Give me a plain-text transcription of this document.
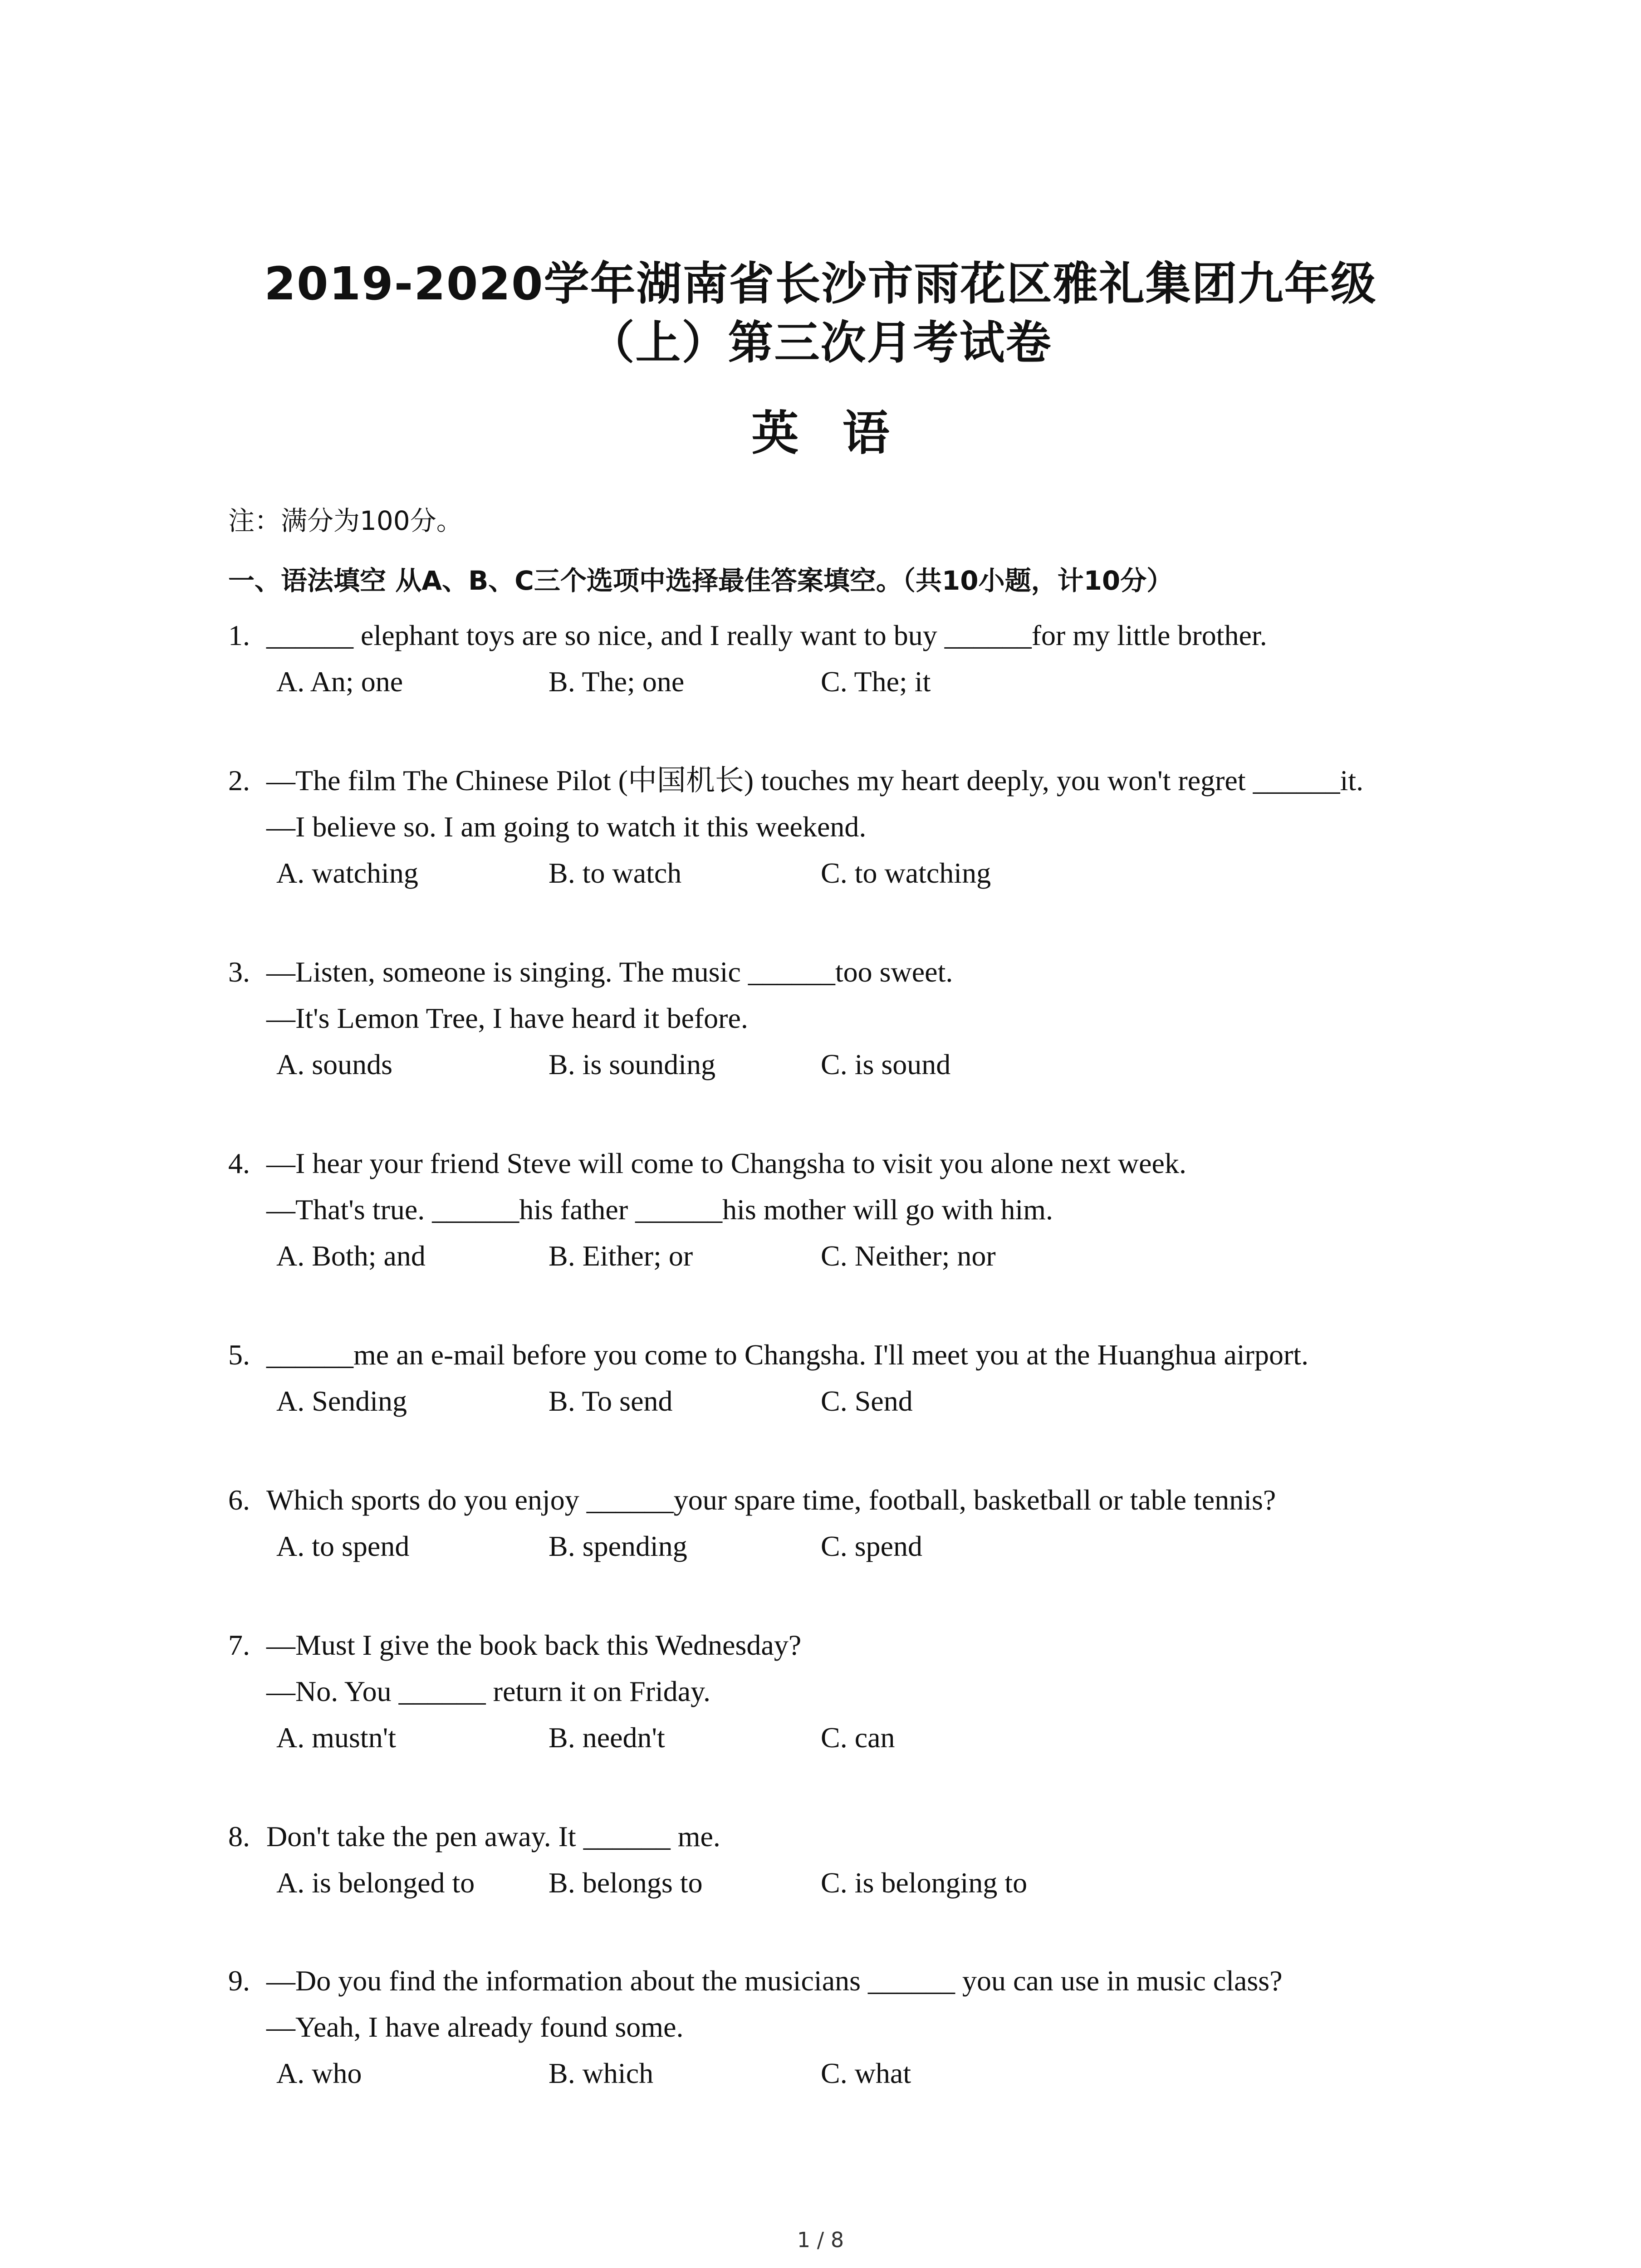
2019-2020学年湖南省长沙市雨花区雅礼集团九年级
（上）第三次月考试卷
英 语
注：满分为100分。
一、语法填空 从A、B、C三个选项中选择最佳答案填空。（共10小题，计10分）
1. ______ elephant toys are so nice, and I really want to buy ______for my little brother.
A. An; one	B. The; one	C. The; it
2. —The film The Chinese Pilot (中国机长) touches my heart deeply, you won't regret ______it.
—I believe so. I am going to watch it this weekend.
A. watching	B. to watch	C. to watching
3. —Listen, someone is singing. The music ______too sweet.
—It's Lemon Tree, I have heard it before.
A. sounds	B. is sounding	C. is sound
4. —I hear your friend Steve will come to Changsha to visit you alone next week.
—That's true. ______his father ______his mother will go with him.
A. Both; and	B. Either; or	C. Neither; nor
5. ______me an e-mail before you come to Changsha. I'll meet you at the Huanghua airport.
A. Sending	B. To send	C. Send
6. Which sports do you enjoy ______your spare time, football, basketball or table tennis?
A. to spend	B. spending	C. spend
7. —Must I give the book back this Wednesday?
—No. You ______ return it on Friday.
A. mustn't	B. needn't	C. can
8. Don't take the pen away. It ______ me.
A. is belonged to	B. belongs to	C. is belonging to
9. —Do you find the information about the musicians ______ you can use in music class?
—Yeah, I have already found some.
A. who	B. which	C. what
1 / 8
